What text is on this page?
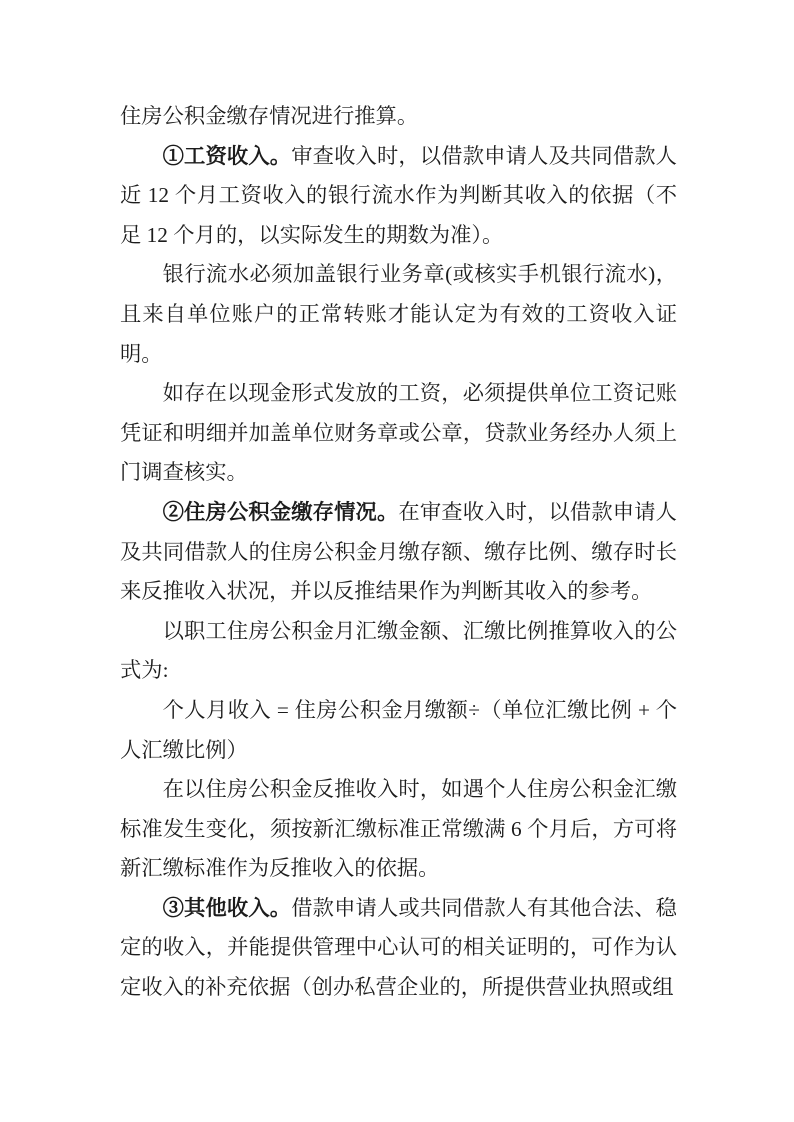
住房公积金缴存情况进行推算。

①工资收入。审查收入时，以借款申请人及共同借款人近 12 个月工资收入的银行流水作为判断其收入的依据（不足 12 个月的，以实际发生的期数为准）。

银行流水必须加盖银行业务章(或核实手机银行流水)，且来自单位账户的正常转账才能认定为有效的工资收入证明。

如存在以现金形式发放的工资，必须提供单位工资记账凭证和明细并加盖单位财务章或公章，贷款业务经办人须上门调查核实。

②住房公积金缴存情况。在审查收入时，以借款申请人及共同借款人的住房公积金月缴存额、缴存比例、缴存时长来反推收入状况，并以反推结果作为判断其收入的参考。

以职工住房公积金月汇缴金额、汇缴比例推算收入的公式为:

个人月收入 = 住房公积金月缴额÷（单位汇缴比例 + 个人汇缴比例）

在以住房公积金反推收入时，如遇个人住房公积金汇缴标准发生变化，须按新汇缴标准正常缴满 6 个月后，方可将新汇缴标准作为反推收入的依据。

③其他收入。借款申请人或共同借款人有其他合法、稳定的收入，并能提供管理中心认可的相关证明的，可作为认定收入的补充依据（创办私营企业的，所提供营业执照或组
